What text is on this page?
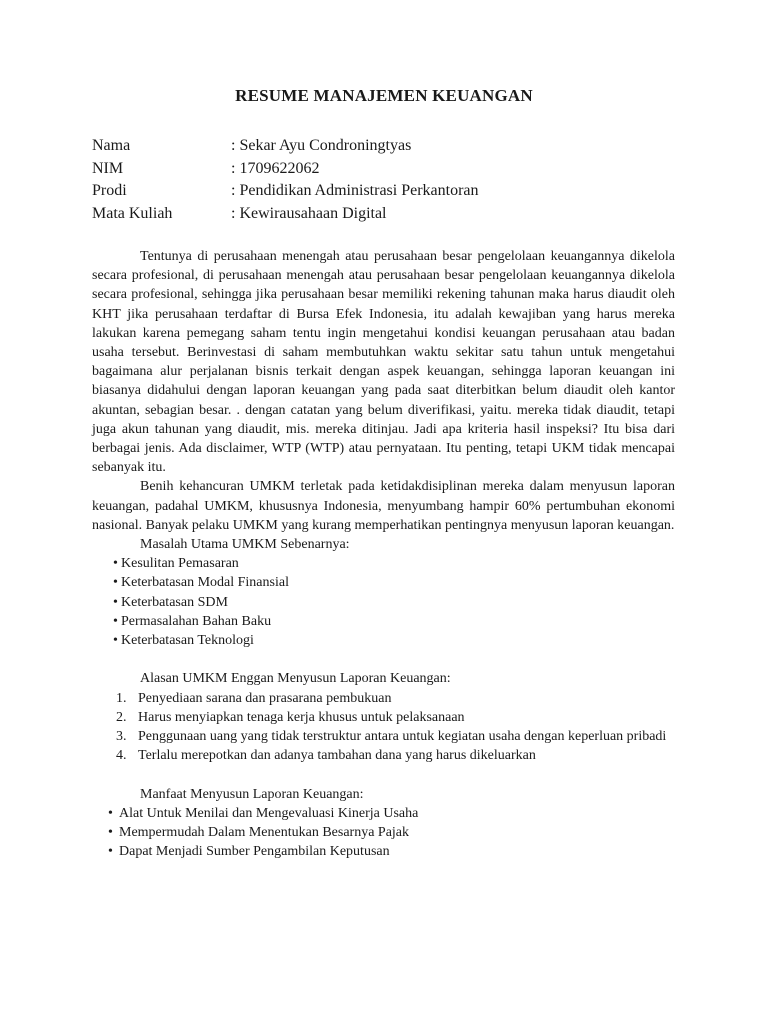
RESUME MANAJEMEN KEUANGAN
Nama	: Sekar Ayu Condroningtyas
NIM	: 1709622062
Prodi	: Pendidikan Administrasi Perkantoran
Mata Kuliah	: Kewirausahaan Digital

Tentunya di perusahaan menengah atau perusahaan besar pengelolaan keuangannya dikelola secara profesional, di perusahaan menengah atau perusahaan besar pengelolaan keuangannya dikelola secara profesional, sehingga jika perusahaan besar memiliki rekening tahunan maka harus diaudit oleh KHT jika perusahaan terdaftar di Bursa Efek Indonesia, itu adalah kewajiban yang harus mereka lakukan karena pemegang saham tentu ingin mengetahui kondisi keuangan perusahaan atau badan usaha tersebut. Berinvestasi di saham membutuhkan waktu sekitar satu tahun untuk mengetahui bagaimana alur perjalanan bisnis terkait dengan aspek keuangan, sehingga laporan keuangan ini biasanya didahului dengan laporan keuangan yang pada saat diterbitkan belum diaudit oleh kantor akuntan, sebagian besar. . dengan catatan yang belum diverifikasi, yaitu. mereka tidak diaudit, tetapi juga akun tahunan yang diaudit, mis. mereka ditinjau. Jadi apa kriteria hasil inspeksi? Itu bisa dari berbagai jenis. Ada disclaimer, WTP (WTP) atau pernyataan. Itu penting, tetapi UKM tidak mencapai sebanyak itu.

Benih kehancuran UMKM terletak pada ketidakdisiplinan mereka dalam menyusun laporan keuangan, padahal UMKM, khususnya Indonesia, menyumbang hampir 60% pertumbuhan ekonomi nasional. Banyak pelaku UMKM yang kurang memperhatikan pentingnya menyusun laporan keuangan.

Masalah Utama UMKM Sebenarnya:

• Kesulitan Pemasaran
• Keterbatasan Modal Finansial
• Keterbatasan SDM
• Permasalahan Bahan Baku
• Keterbatasan Teknologi

Alasan UMKM Enggan Menyusun Laporan Keuangan:

1. Penyediaan sarana dan prasarana pembukuan
2. Harus menyiapkan tenaga kerja khusus untuk pelaksanaan
3. Penggunaan uang yang tidak terstruktur antara untuk kegiatan usaha dengan keperluan pribadi
4. Terlalu merepotkan dan adanya tambahan dana yang harus dikeluarkan

Manfaat Menyusun Laporan Keuangan:

• Alat Untuk Menilai dan Mengevaluasi Kinerja Usaha
• Mempermudah Dalam Menentukan Besarnya Pajak
• Dapat Menjadi Sumber Pengambilan Keputusan
